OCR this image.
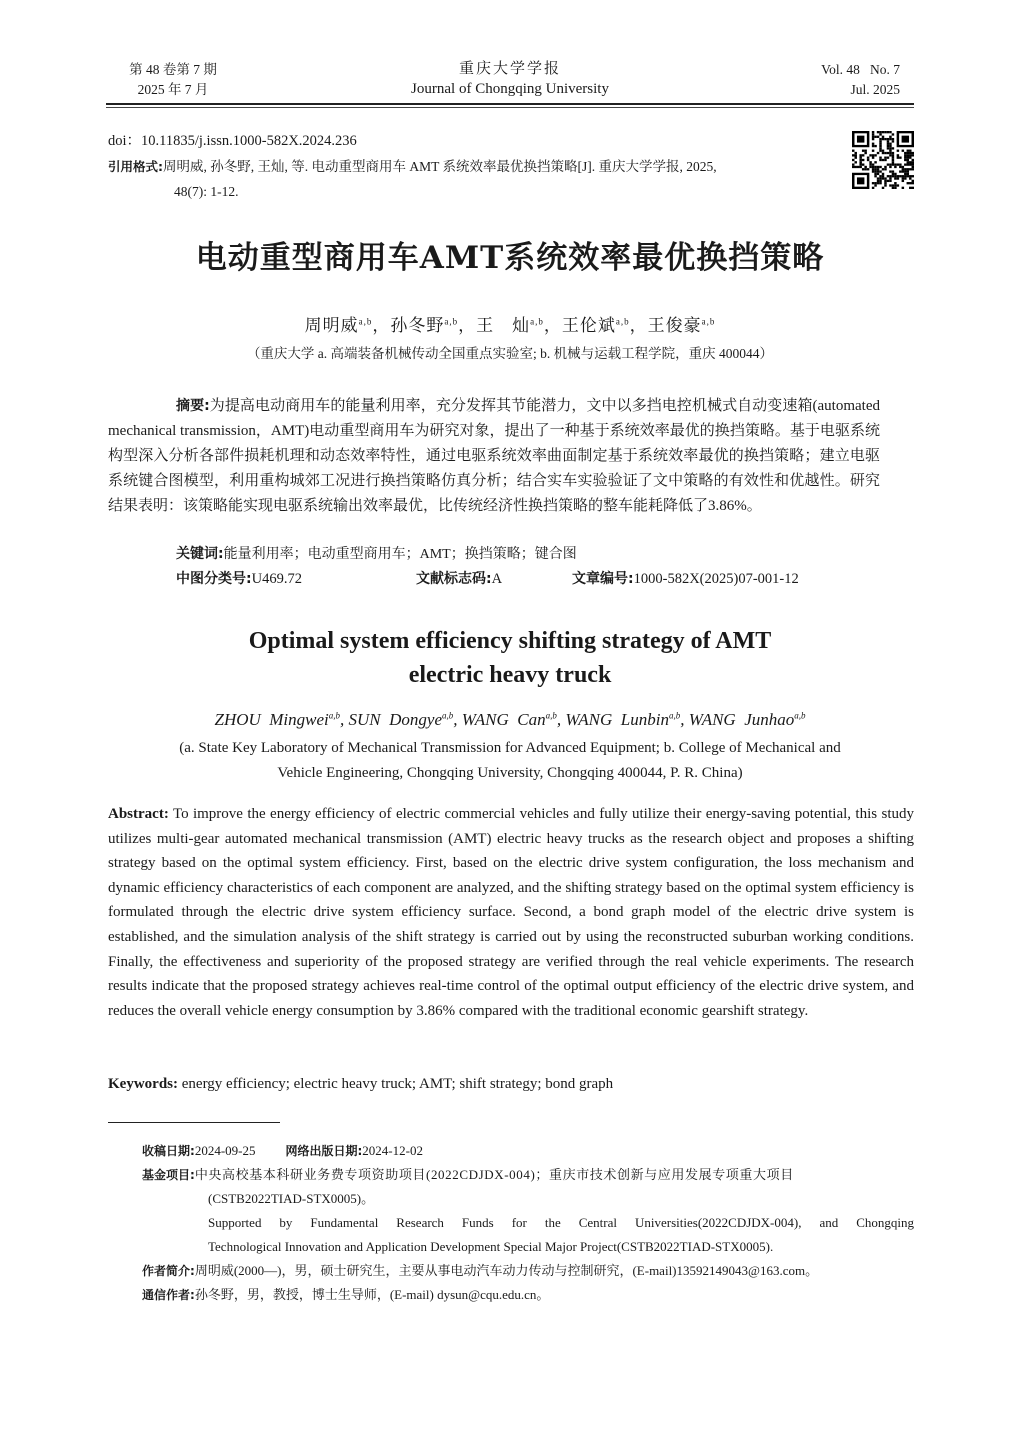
第 48 卷第 7 期
2025 年 7 月
重庆大学学报
Journal of Chongqing University
Vol. 48   No. 7
Jul. 2025
doi：10.11835/j.issn.1000-582X.2024.236
引用格式:周明威, 孙冬野, 王灿, 等. 电动重型商用车 AMT 系统效率最优换挡策略[J]. 重庆大学学报, 2025,
48(7): 1-12.
电动重型商用车AMT系统效率最优换挡策略
周明威$^{a,b}$，孙冬野$^{a,b}$，王　灿$^{a,b}$，王伦斌$^{a,b}$，王俊豪$^{a,b}$
（重庆大学 a. 高端装备机械传动全国重点实验室; b. 机械与运载工程学院，重庆 400044）
摘要:为提高电动商用车的能量利用率，充分发挥其节能潜力，文中以多挡电控机械式自动变速箱(automated mechanical transmission，AMT)电动重型商用车为研究对象，提出了一种基于系统效率最优的换挡策略。基于电驱系统构型深入分析各部件损耗机理和动态效率特性，通过电驱系统效率曲面制定基于系统效率最优的换挡策略；建立电驱系统键合图模型，利用重构城郊工况进行换挡策略仿真分析；结合实车实验验证了文中策略的有效性和优越性。研究结果表明：该策略能实现电驱系统输出效率最优，比传统经济性换挡策略的整车能耗降低了3.86%。
关键词:能量利用率；电动重型商用车；AMT；换挡策略；键合图
中图分类号:U469.72	文献标志码:A	文章编号:1000-582X(2025)07-001-12
Optimal system efficiency shifting strategy of AMT
electric heavy truck
ZHOU  Mingwei$^{a,b}$, SUN  Dongye$^{a,b}$, WANG  Can$^{a,b}$, WANG  Lunbin$^{a,b}$, WANG  Junhao$^{a,b}$
(a. State Key Laboratory of Mechanical Transmission for Advanced Equipment; b. College of Mechanical and
Vehicle Engineering, Chongqing University, Chongqing 400044, P. R. China)
Abstract: To improve the energy efficiency of electric commercial vehicles and fully utilize their energy-saving potential, this study utilizes multi-gear automated mechanical transmission (AMT) electric heavy trucks as the research object and proposes a shifting strategy based on the optimal system efficiency. First, based on the electric drive system configuration, the loss mechanism and dynamic efficiency characteristics of each component are analyzed, and the shifting strategy based on the optimal system efficiency is formulated through the electric drive system efficiency surface. Second, a bond graph model of the electric drive system is established, and the simulation analysis of the shift strategy is carried out by using the reconstructed suburban working conditions. Finally, the effectiveness and superiority of the proposed strategy are verified through the real vehicle experiments. The research results indicate that the proposed strategy achieves real-time control of the optimal output efficiency of the electric drive system, and reduces the overall vehicle energy consumption by 3.86% compared with the traditional economic gearshift strategy.
Keywords: energy efficiency; electric heavy truck; AMT; shift strategy; bond graph
收稿日期:2024-09-25	网络出版日期:2024-12-02
基金项目:中央高校基本科研业务费专项资助项目(2022CDJDX-004)；重庆市技术创新与应用发展专项重大项目
(CSTB2022TIAD-STX0005)。
Supported by Fundamental Research Funds for the Central Universities(2022CDJDX-004), and Chongqing
Technological Innovation and Application Development Special Major Project(CSTB2022TIAD-STX0005).
作者简介:周明威(2000—)，男，硕士研究生，主要从事电动汽车动力传动与控制研究，(E-mail)13592149043@163.com。
通信作者:孙冬野，男，教授，博士生导师，(E-mail) dysun@cqu.edu.cn。
